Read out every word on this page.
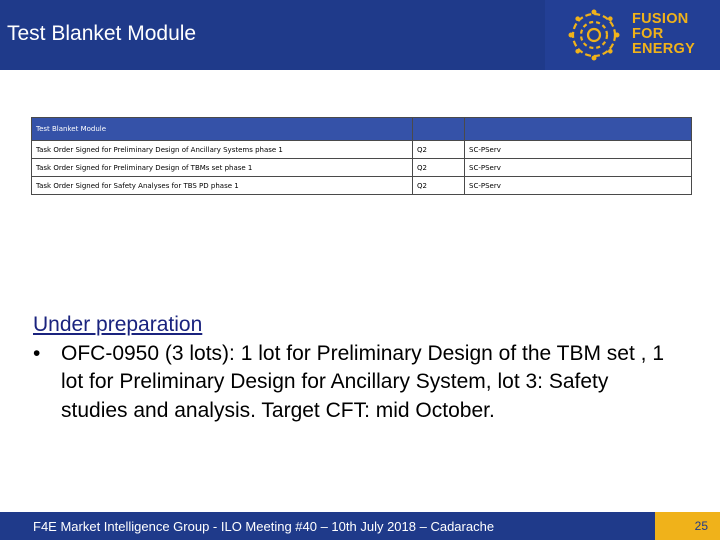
Test Blanket Module
FUSION
FOR
ENERGY
Test Blanket Module		
Task Order Signed for Preliminary Design of Ancillary Systems phase 1	Q2	SC-PServ
Task Order Signed for Preliminary Design of TBMs set phase 1	Q2	SC-PServ
Task Order Signed for Safety Analyses for TBS PD phase 1	Q2	SC-PServ
Under preparation
• OFC-0950 (3 lots): 1 lot for Preliminary Design of the TBM set , 1 lot for Preliminary Design for Ancillary System, lot 3: Safety studies and analysis. Target CFT: mid October.
F4E Market Intelligence Group - ILO Meeting #40 – 10th July 2018 – Cadarache	25
